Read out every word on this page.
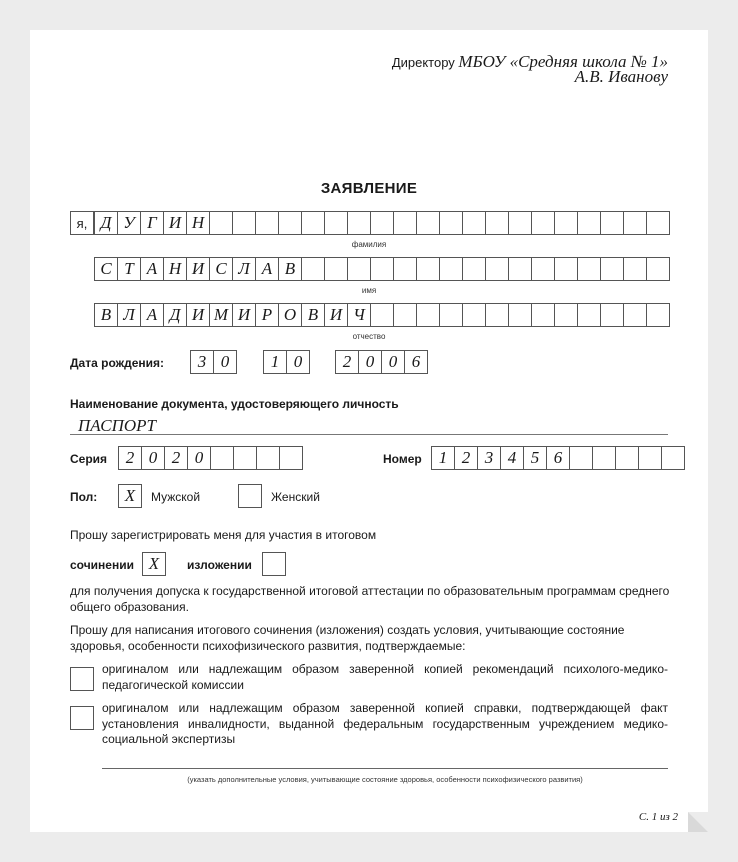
Директору МБОУ «Средняя школа № 1»
А.В. Иванову
ЗАЯВЛЕНИЕ
я, Д У Г И Н
фамилия
С Т А Н И С Л А В
имя
В Л А Д И М И Р О В И Ч
отчество
Дата рождения:	3 0	1 0	2 0 0 6
Наименование документа, удостоверяющего личность
ПАСПОРТ
Серия	2 0 2 0	Номер	1 2 3 4 5 6
Пол:	X	Мужской	Женский
Прошу зарегистрировать меня для участия в итоговом
сочинении X	изложении
для получения допуска к государственной итоговой аттестации по образовательным программам среднего общего образования.
Прошу для написания итогового сочинения (изложения) создать условия, учитывающие состояние здоровья, особенности психофизического развития, подтверждаемые:
оригиналом или надлежащим образом заверенной копией рекомендаций психолого-медико-педагогической комиссии
оригиналом или надлежащим образом заверенной копией справки, подтверждающей факт установления инвалидности, выданной федеральным государственным учреждением медико-социальной экспертизы
(указать дополнительные условия, учитывающие состояние здоровья, особенности психофизического развития)
С. 1 из 2
